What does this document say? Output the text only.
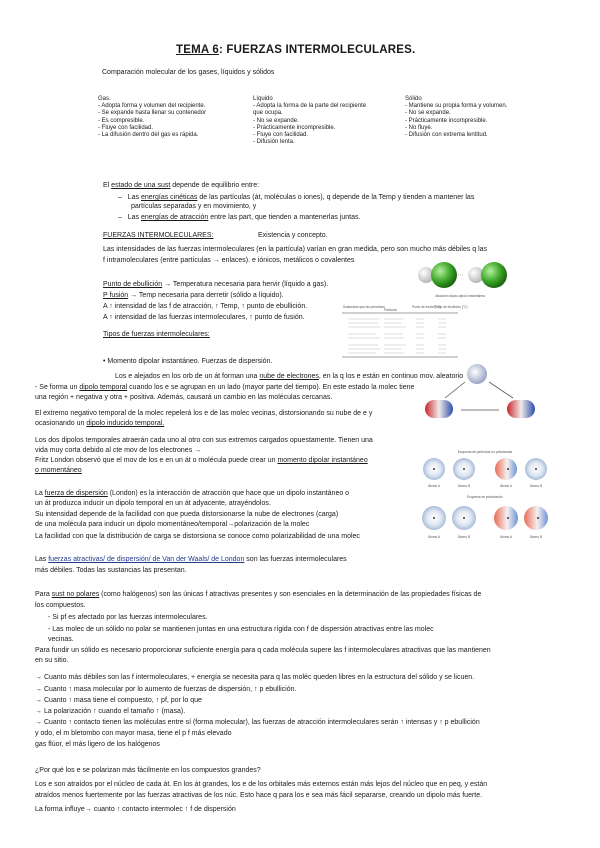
TEMA 6: FUERZAS INTERMOLECULARES.
Comparación molecular de los gases, líquidos y sólidos
Gas.
- Adopta forma y volumen del recipiente.
- Se expande hasta llenar su contenedor
- Es compresible.
- Fluye con facilidad.
- La difusión dentro del gas es rápida.
Líquido
- Adopta la forma de la parte del recipiente
que ocupa.
- No se expande.
- Prácticamente incompresible.
- Fluye con facilidad.
- Difusión lenta.
Sólido
- Mantiene su propia forma y volumen.
- No se expande.
- Prácticamente incompresible.
- No fluye.
- Difusión con extrema lentitud.
El estado de una sust depende de equilibrio entre:
–   Las energías cinéticas de las partículas (át, moléculas o iones), q depende de la Temp y tienden a mantener las
partículas separadas y en movimiento, y
–   Las energías de atracción entre las part, que tienden a mantenerlas juntas.
FUERZAS INTERMOLECULARES:	Existencia y concepto.
Las intensidades de las fuerzas intermoleculares (en la partícula) varían en gran medida, pero son mucho más débiles q las
f intramoleculares (entre partículas → enlaces). e iónicos, metálicos o covalentes
Punto de ebullición → Temperatura necesaria para hervir (líquido a gas).
P fusión → Temp necesaria para derretir (sólido a líquido).
A ↑ intensidad de las f de atracción, ↑ Temp, ↑ punto de ebullición.
A ↑ intensidad de las fuerzas intermoleculares, ↑ punto de fusión.
Tipos de fuerzas intermoleculares:
Atracción dipolo-dipolo instantánea
Sustancias que las presentan
Partícula
Punto de fusión (°C)
Punto de ebullición (°C)
• Momento dipolar instantáneo. Fuerzas de dispersión.
Los e alejados en los orb de un át forman una nube de electrones, en la q los e están en continuo mov. aleatorio
- Se forma un dipolo temporal cuando los e se agrupan en un lado (mayor parte del tiempo). En este estado la molec tiene
una región + negativa y otra + positiva. Además, causará un cambio en las moléculas cercanas.
El extremo negativo temporal de la molec repelerá los e de las molec vecinas, distorsionando su nube de e y
ocasionando un dipolo inducido temporal.
Los dos dipolos temporales atraerán cada uno al otro con sus extremos cargados opuestamente. Tienen una
vida muy corta debido al cte mov de los electrones →
Fritz London observó que el mov de los e en un át o molécula puede crear un momento dipolar instantáneo
o momentáneo
La fuerza de dispersión (London) es la interacción de atracción que hace que un dipolo instantáneo o
un át produzca inducir un dipolo temporal en un át adyacente, atrayéndolos.
Su intensidad depende de la facilidad con que pueda distorsionarse la nube de electrones (carga)
de una molécula para inducir un dipolo momentáneo/temporal→polarización de la molec
La facilidad con que la distribución de carga se distorsiona se conoce como polarizabilidad de una molec
Las fuerzas atractivas/ de dispersión/ de Van der Waals/ de London son las fuerzas intermoleculares
más débiles. Todas las sustancias las presentan.
Esquema de partículas no polarizadas
Átomo A	Átomo B	Átomo A	Átomo B
Esquema de polarización
Átomo A	Átomo B	Átomo A	Átomo B
Para sust no polares (como halógenos) son las únicas f atractivas presentes y son esenciales en la determinación de las propiedades físicas de
los compuestos.
- Si pf es afectado por las fuerzas intermoleculares.
- Las molec de un sólido no polar se mantienen juntas en una estructura rígida con f de dispersión atractivas entre las molec
vecinas.
Para fundir un sólido es necesario proporcionar suficiente energía para q cada molécula supere las f intermoleculares atractivas que las mantienen
en su sitio.
→ Cuanto más débiles son las f intermoleculares, + energía se necesita para q las moléc queden libres en la estructura del sólido y se licuen.
→ Cuanto ↑ masa molecular por lo aumento de fuerzas de dispersión, ↑ p ebullición.
→ Cuanto ↑ masa tiene el compuesto, ↑ pf, por lo que
→ La polarización ↑ cuando el tamaño ↑ (masa).
→ Cuanto ↑ contacto tienen las moléculas entre sí (forma molecular), las fuerzas de atracción intermoleculares serán ↑ intensas y ↑ p ebullición
y odo, el m bletombo con mayor masa, tiene el p f más elevado
gas flúor, el más ligero de los halógenos
¿Por qué los e se polarizan más fácilmente en los compuestos grandes?
Los e son atraídos por el núcleo de cada át. En los át grandes, los e de los orbitales más externos están más lejos del núcleo que en peq, y están
atraídos menos fuertemente por las fuerzas atractivas de los núc. Esto hace q para los e sea más fácil separarse, creando un dipolo más fuerte.
La forma influye→ cuanto ↑ contacto intermolec ↑ f de dispersión
